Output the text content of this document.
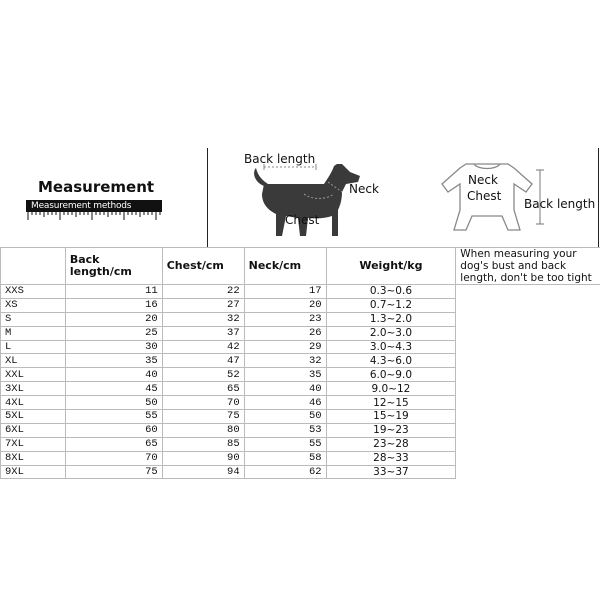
Measurement
Measurement methods
Back length
Neck
Chest
Neck
Chest
Back length
	Back length/cm	Chest/cm	Neck/cm	Weight/kg	When measuring your dog's bust and back length, don't be too tight
XXS	11	22	17	0.3~0.6	
XS	16	27	20	0.7~1.2	
S	20	32	23	1.3~2.0	
M	25	37	26	2.0~3.0	
L	30	42	29	3.0~4.3	
XL	35	47	32	4.3~6.0	
XXL	40	52	35	6.0~9.0	
3XL	45	65	40	9.0~12	
4XL	50	70	46	12~15	
5XL	55	75	50	15~19	
6XL	60	80	53	19~23	
7XL	65	85	55	23~28	
8XL	70	90	58	28~33	
9XL	75	94	62	33~37	
